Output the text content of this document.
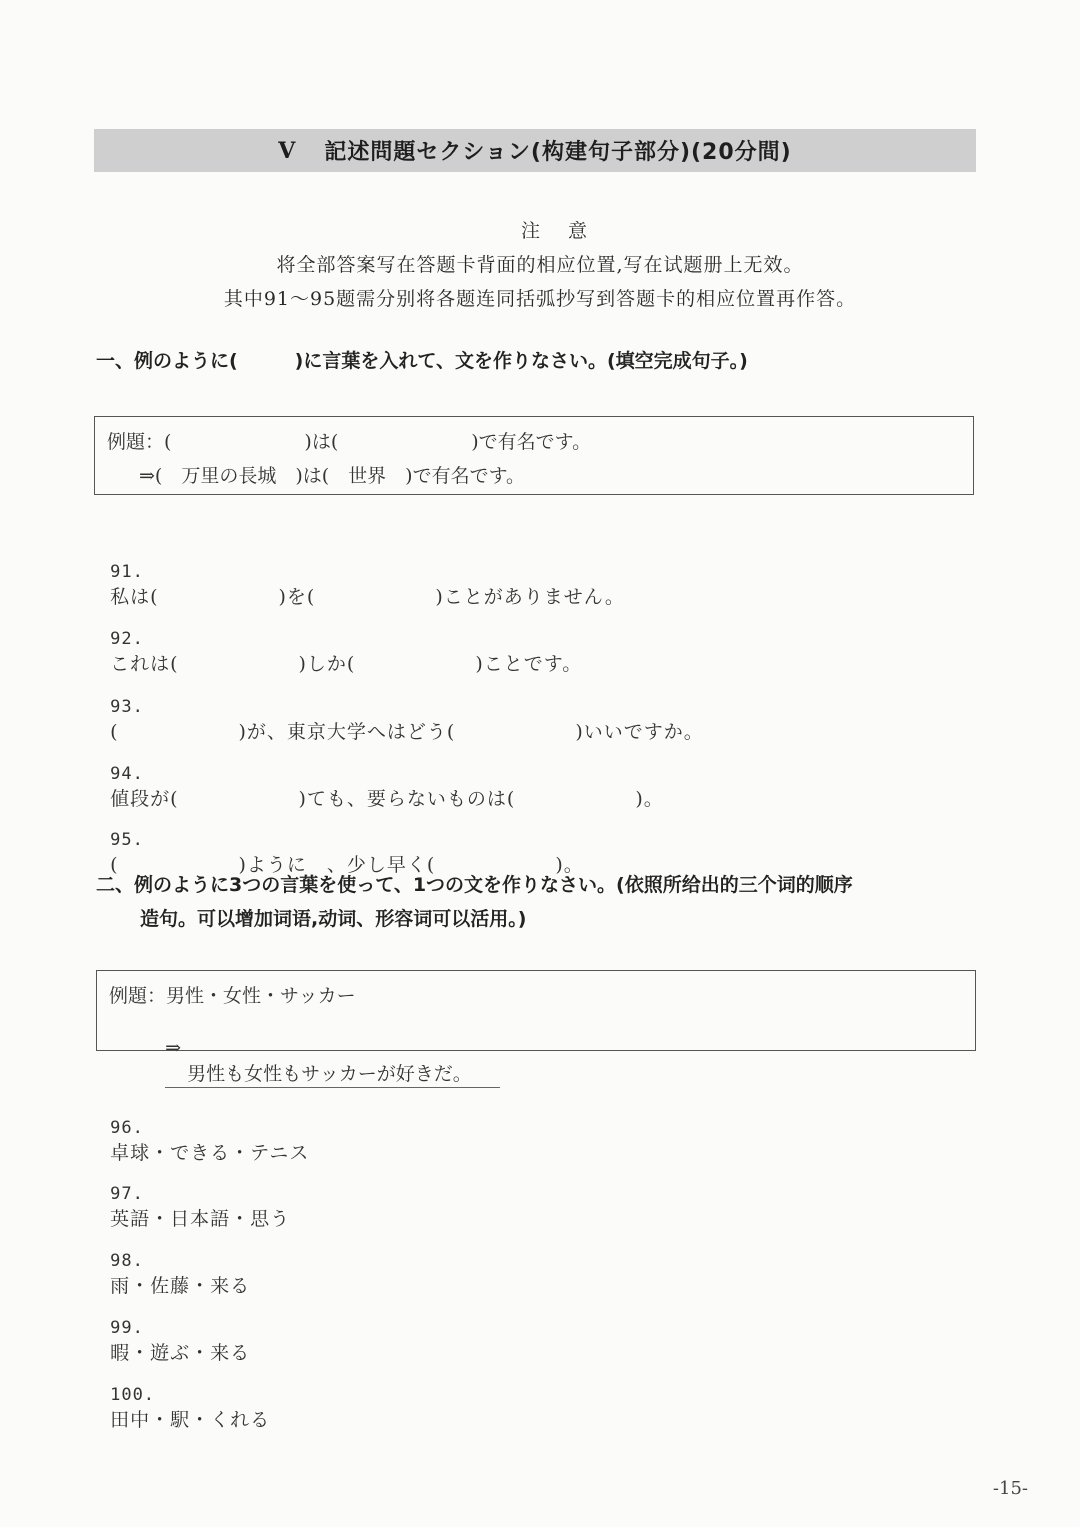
V 記述問題セクション(构建句子部分)(20分間)
注意
将全部答案写在答题卡背面的相应位置,写在试题册上无效。
其中91～95题需分别将各题连同括弧抄写到答题卡的相应位置再作答。
一、例のように(　　　)に言葉を入れて、文を作りなさい。(填空完成句子。)
例題：(　　　　　　　)は(　　　　　　　)で有名です。
⇒(　万里の長城　)は(　世界　)で有名です。

91.
私は(　　　　　　)を(　　　　　　)ことがありません。

92.
これは(　　　　　　)しか(　　　　　　)ことです。

93.
(　　　　　　)が、東京大学へはどう(　　　　　　)いいですか。

94.
値段が(　　　　　　)ても、要らないものは(　　　　　　)。

95.
(　　　　　　)ように　、少し早く(　　　　　　)。

二、例のように3つの言葉を使って、1つの文を作りなさい。(依照所给出的三个词的顺序
造句。可以增加词语,动词、形容词可以活用。)
例題：男性・女性・サッカー

⇒
男性も女性もサッカーが好きだ。

96.
卓球・できる・テニス

97.
英語・日本語・思う

98.
雨・佐藤・来る

99.
暇・遊ぶ・来る

100.
田中・駅・くれる

-15-
